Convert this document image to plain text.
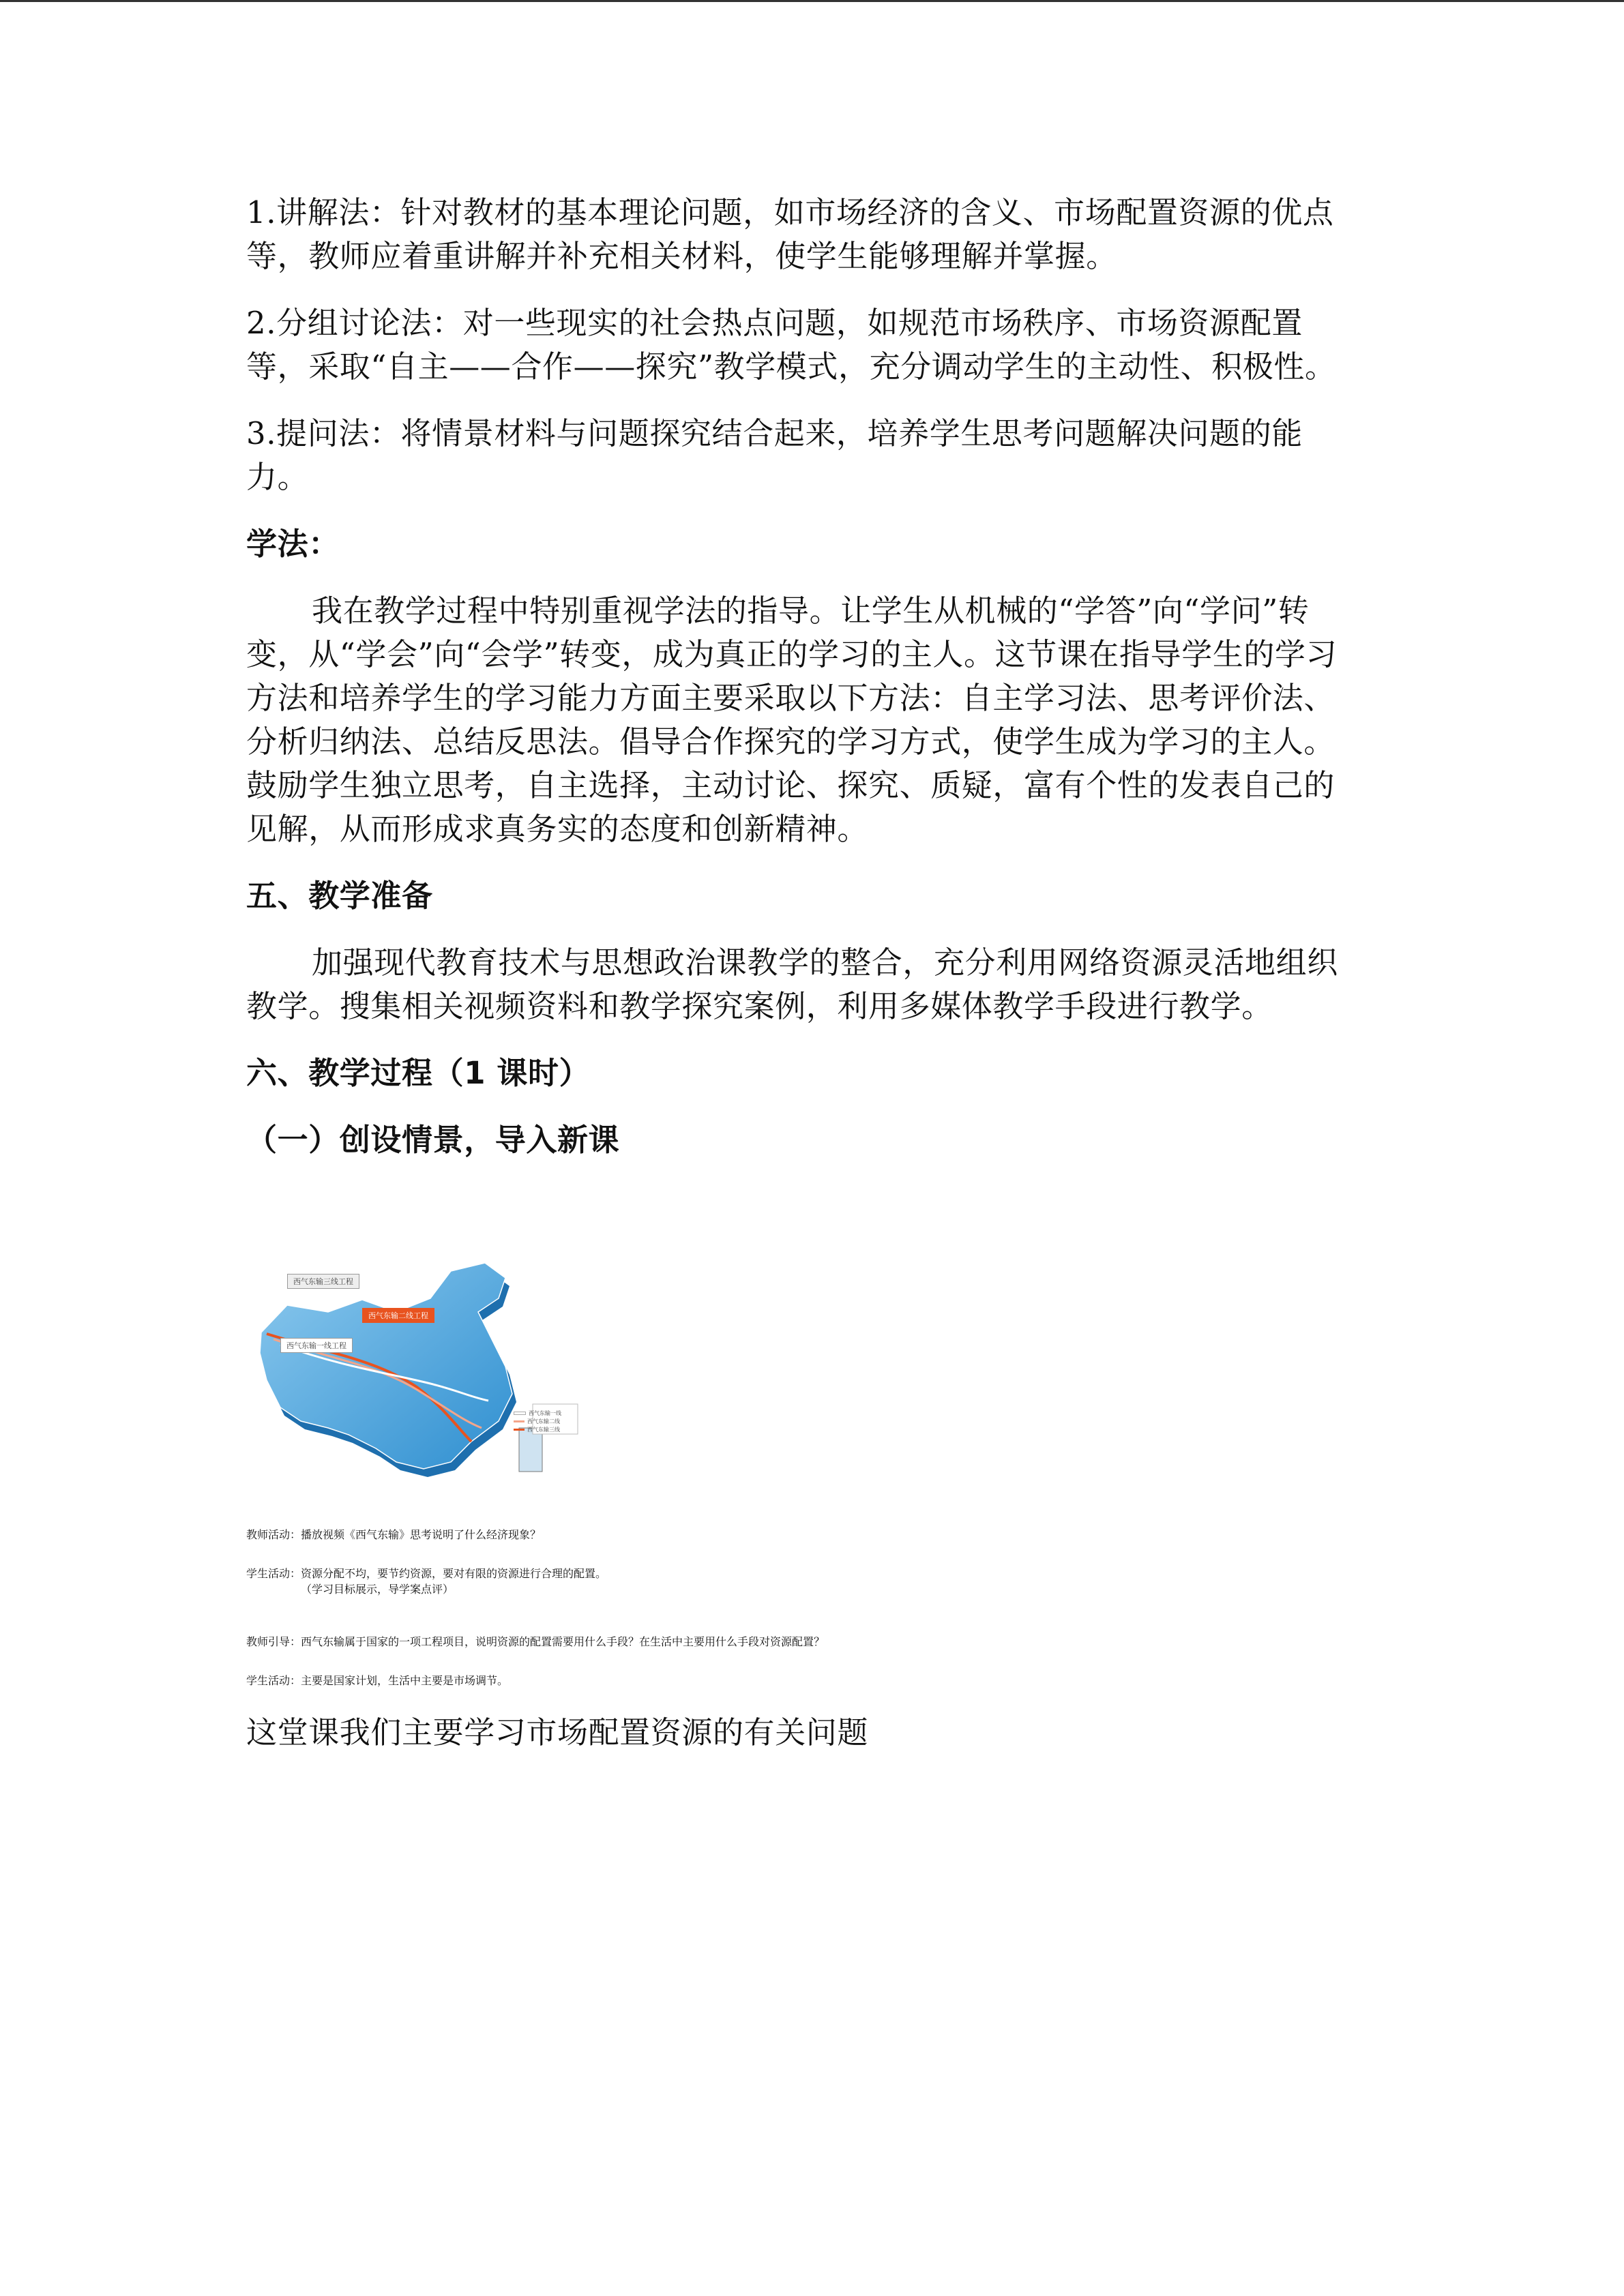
1.讲解法：针对教材的基本理论问题，如市场经济的含义、市场配置资源的优点等，教师应着重讲解并补充相关材料，使学生能够理解并掌握。

2.分组讨论法：对一些现实的社会热点问题，如规范市场秩序、市场资源配置等，采取“自主——合作——探究”教学模式，充分调动学生的主动性、积极性。

3.提问法：将情景材料与问题探究结合起来，培养学生思考问题解决问题的能力。

学法：

我在教学过程中特别重视学法的指导。让学生从机械的“学答”向“学问”转变，从“学会”向“会学”转变，成为真正的学习的主人。这节课在指导学生的学习方法和培养学生的学习能力方面主要采取以下方法：自主学习法、思考评价法、分析归纳法、总结反思法。倡导合作探究的学习方式，使学生成为学习的主人。鼓励学生独立思考，自主选择，主动讨论、探究、质疑，富有个性的发表自己的见解，从而形成求真务实的态度和创新精神。

五、教学准备

加强现代教育技术与思想政治课教学的整合，充分利用网络资源灵活地组织教学。搜集相关视频资料和教学探究案例，利用多媒体教学手段进行教学。

六、教学过程（1 课时）

（一）创设情景，导入新课

西气东输三线工程
西气东输二线工程
西气东输一线工程
西气东输一线
西气东输二线
西气东输三线
教师活动： 播放视频《西气东输》思考说明了什么经济现象？
学生活动： 资源分配不均，要节约资源，要对有限的资源进行合理的配置。
（学习目标展示，导学案点评）
教师引导： 西气东输属于国家的一项工程项目，说明资源的配置需要用什么手段？在生活中主要用什么手段对资源配置？
学生活动： 主要是国家计划，生活中主要是市场调节。

这堂课我们主要学习市场配置资源的有关问题
